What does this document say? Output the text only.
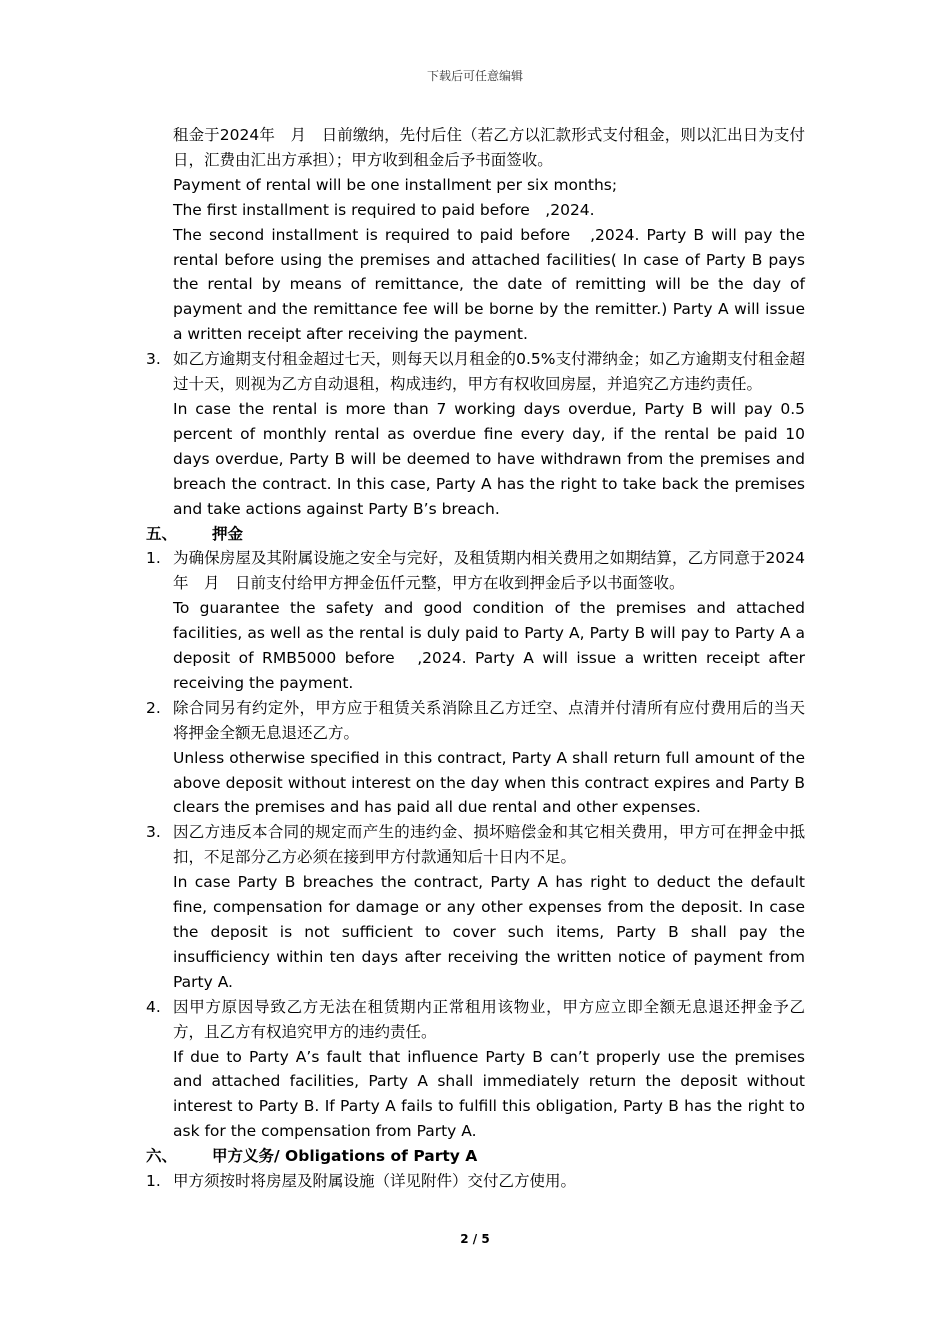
下载后可任意编辑

租金于2024年　月　日前缴纳，先付后住（若乙方以汇款形式支付租金，则以汇出日为支付日，汇费由汇出方承担）；甲方收到租金后予书面签收。

Payment of rental will be one installment per six months;

The first installment is required to paid before　,2024.

The second installment is required to paid before　,2024. Party B will pay the rental before using the premises and attached facilities( In case of Party B pays the rental by means of remittance, the date of remitting will be the day of payment and the remittance fee will be borne by the remitter.) Party A will issue a written receipt after receiving the payment.

3. 如乙方逾期支付租金超过七天，则每天以月租金的0.5%支付滞纳金；如乙方逾期支付租金超过十天，则视为乙方自动退租，构成违约，甲方有权收回房屋，并追究乙方违约责任。

In case the rental is more than 7 working days overdue, Party B will pay 0.5 percent of monthly rental as overdue fine every day, if the rental be paid 10 days overdue, Party B will be deemed to have withdrawn from the premises and breach the contract. In this case, Party A has the right to take back the premises and take actions against Party B’s breach.

五、 押金

1. 为确保房屋及其附属设施之安全与完好，及租赁期内相关费用之如期结算，乙方同意于2024年　月　日前支付给甲方押金伍仟元整，甲方在收到押金后予以书面签收。

To guarantee the safety and good condition of the premises and attached facilities, as well as the rental is duly paid to Party A, Party B will pay to Party A a deposit of RMB5000 before　,2024. Party A will issue a written receipt after receiving the payment.

2. 除合同另有约定外，甲方应于租赁关系消除且乙方迁空、点清并付清所有应付费用后的当天将押金全额无息退还乙方。

Unless otherwise specified in this contract, Party A shall return full amount of the above deposit without interest on the day when this contract expires and Party B clears the premises and has paid all due rental and other expenses.

3. 因乙方违反本合同的规定而产生的违约金、损坏赔偿金和其它相关费用，甲方可在押金中抵扣，不足部分乙方必须在接到甲方付款通知后十日内不足。

In case Party B breaches the contract, Party A has right to deduct the default fine, compensation for damage or any other expenses from the deposit. In case the deposit is not sufficient to cover such items, Party B shall pay the insufficiency within ten days after receiving the written notice of payment from Party A.

4. 因甲方原因导致乙方无法在租赁期内正常租用该物业，甲方应立即全额无息退还押金予乙方，且乙方有权追究甲方的违约责任。

If due to Party A’s fault that influence Party B can’t properly use the premises and attached facilities, Party A shall immediately return the deposit without interest to Party B. If Party A fails to fulfill this obligation, Party B has the right to ask for the compensation from Party A.

六、 甲方义务/ Obligations of Party A

1. 甲方须按时将房屋及附属设施（详见附件）交付乙方使用。

2 / 5
